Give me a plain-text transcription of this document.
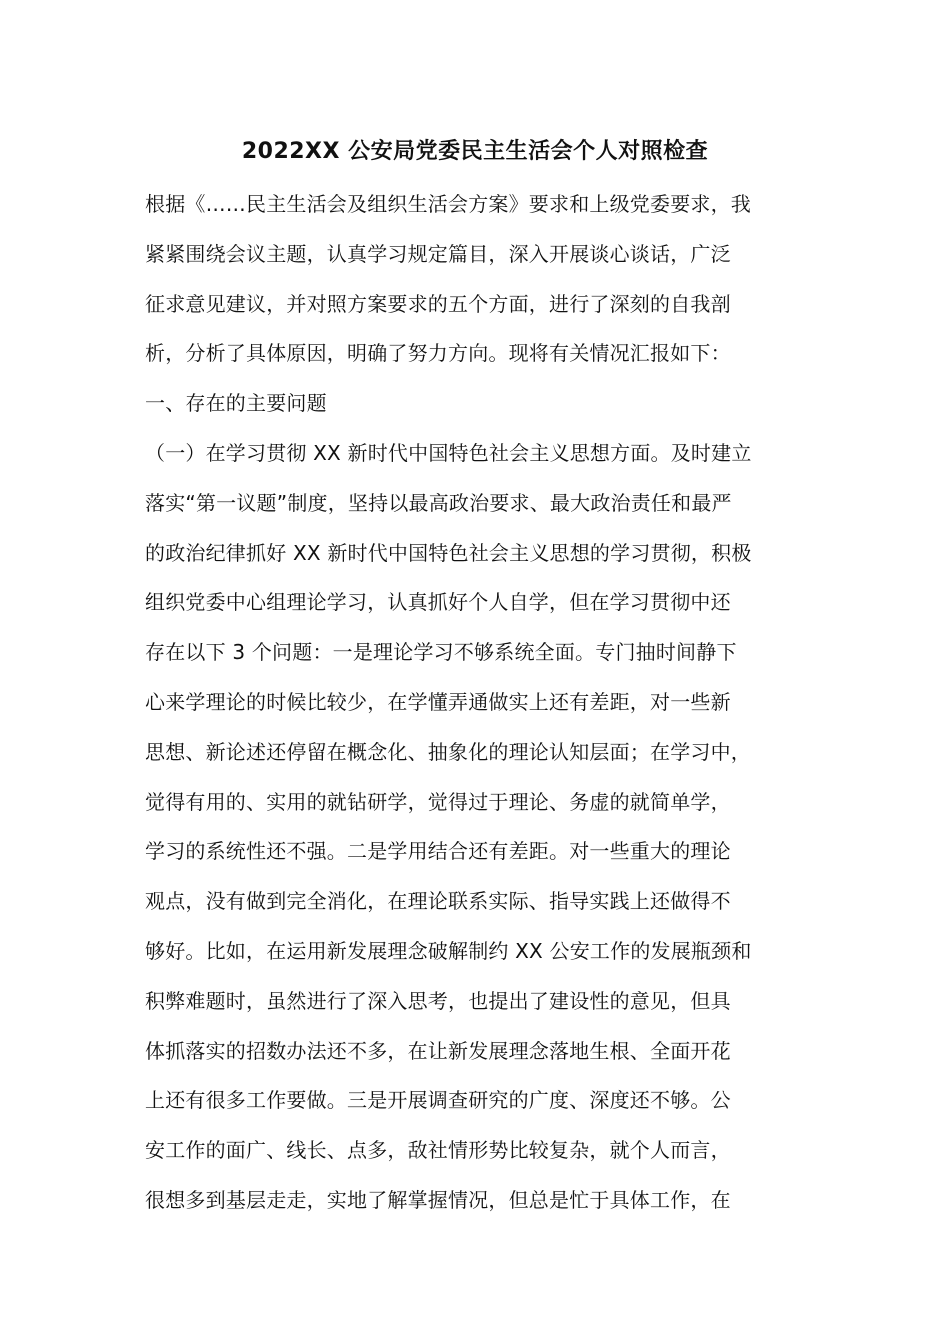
2022XX 公安局党委民主生活会个人对照检查
根据《……民主生活会及组织生活会方案》要求和上级党委要求，我
紧紧围绕会议主题，认真学习规定篇目，深入开展谈心谈话，广泛
征求意见建议，并对照方案要求的五个方面，进行了深刻的自我剖
析，分析了具体原因，明确了努力方向。现将有关情况汇报如下：
一、存在的主要问题
（一）在学习贯彻 XX 新时代中国特色社会主义思想方面。及时建立
落实“第一议题”制度，坚持以最高政治要求、最大政治责任和最严
的政治纪律抓好 XX 新时代中国特色社会主义思想的学习贯彻，积极
组织党委中心组理论学习，认真抓好个人自学，但在学习贯彻中还
存在以下 3 个问题：一是理论学习不够系统全面。专门抽时间静下
心来学理论的时候比较少，在学懂弄通做实上还有差距，对一些新
思想、新论述还停留在概念化、抽象化的理论认知层面；在学习中，
觉得有用的、实用的就钻研学，觉得过于理论、务虚的就简单学，
学习的系统性还不强。二是学用结合还有差距。对一些重大的理论
观点，没有做到完全消化，在理论联系实际、指导实践上还做得不
够好。比如，在运用新发展理念破解制约 XX 公安工作的发展瓶颈和
积弊难题时，虽然进行了深入思考，也提出了建设性的意见，但具
体抓落实的招数办法还不多，在让新发展理念落地生根、全面开花
上还有很多工作要做。三是开展调查研究的广度、深度还不够。公
安工作的面广、线长、点多，敌社情形势比较复杂，就个人而言，
很想多到基层走走，实地了解掌握情况，但总是忙于具体工作，在
